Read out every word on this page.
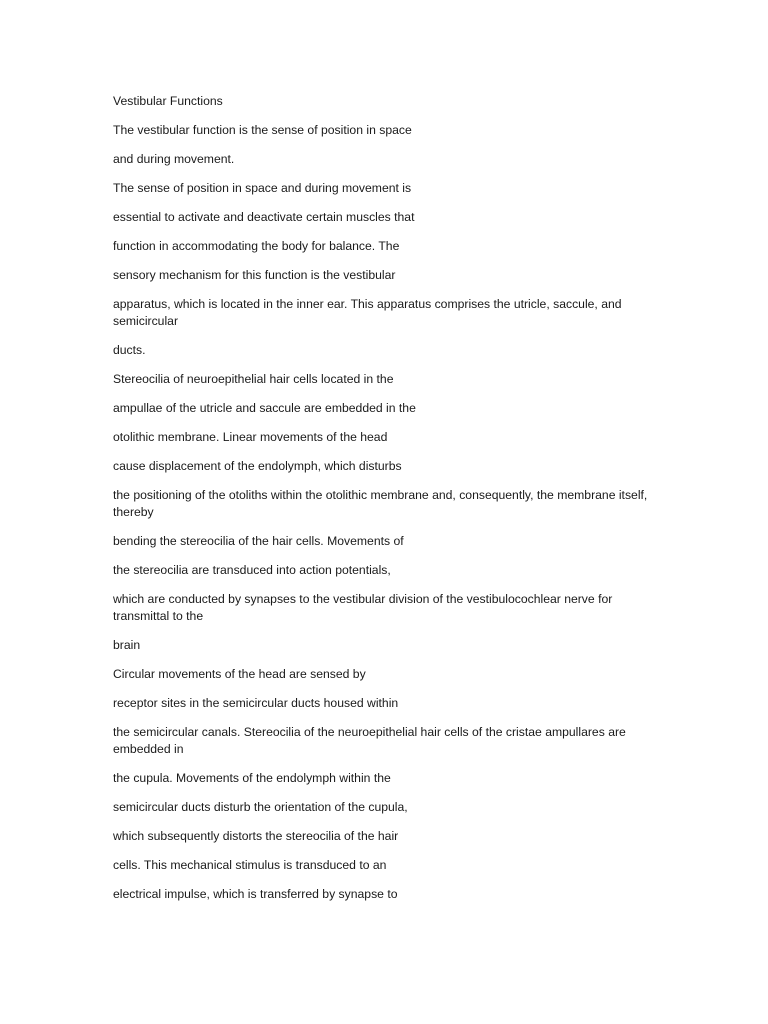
Vestibular Functions

The vestibular function is the sense of position in space

and during movement.

The sense of position in space and during movement is

essential to activate and deactivate certain muscles that

function in accommodating the body for balance. The

sensory mechanism for this function is the vestibular

apparatus, which is located in the inner ear. This apparatus comprises the utricle, saccule, and semicircular

ducts.

Stereocilia of neuroepithelial hair cells located in the

ampullae of the utricle and saccule are embedded in the

otolithic membrane. Linear movements of the head

cause displacement of the endolymph, which disturbs

the positioning of the otoliths within the otolithic membrane and, consequently, the membrane itself, thereby

bending the stereocilia of the hair cells. Movements of

the stereocilia are transduced into action potentials,

which are conducted by synapses to the vestibular division of the vestibulocochlear nerve for transmittal to the

brain

Circular movements of the head are sensed by

receptor sites in the semicircular ducts housed within

the semicircular canals. Stereocilia of the neuroepithelial hair cells of the cristae ampullares are embedded in

the cupula. Movements of the endolymph within the

semicircular ducts disturb the orientation of the cupula,

which subsequently distorts the stereocilia of the hair

cells. This mechanical stimulus is transduced to an

electrical impulse, which is transferred by synapse to
